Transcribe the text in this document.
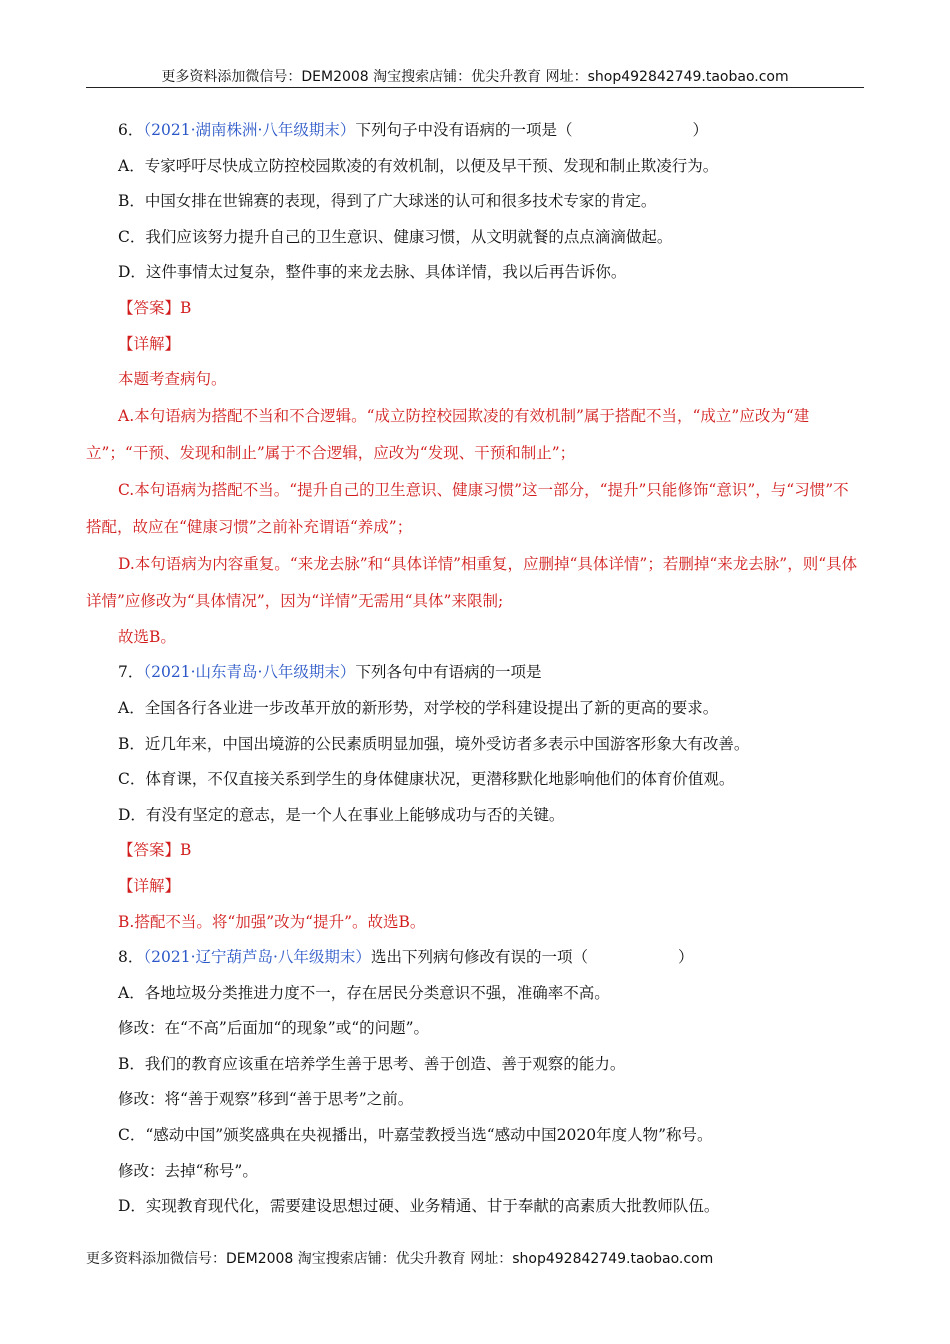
更多资料添加微信号：DEM2008 淘宝搜索店铺：优尖升教育 网址：shop492842749.taobao.com
6．（2021·湖南株洲·八年级期末）下列句子中没有语病的一项是（	）
A．专家呼吁尽快成立防控校园欺凌的有效机制，以便及早干预、发现和制止欺凌行为。
B．中国女排在世锦赛的表现，得到了广大球迷的认可和很多技术专家的肯定。
C．我们应该努力提升自己的卫生意识、健康习惯，从文明就餐的点点滴滴做起。
D．这件事情太过复杂，整件事的来龙去脉、具体详情，我以后再告诉你。
【答案】B
【详解】
本题考查病句。
A.本句语病为搭配不当和不合逻辑。“成立防控校园欺凌的有效机制”属于搭配不当，“成立”应改为“建立”；“干预、发现和制止”属于不合逻辑，应改为“发现、干预和制止”；
C.本句语病为搭配不当。“提升自己的卫生意识、健康习惯”这一部分，“提升”只能修饰“意识”，与“习惯”不搭配，故应在“健康习惯”之前补充谓语“养成”；
D.本句语病为内容重复。“来龙去脉”和“具体详情”相重复，应删掉“具体详情”；若删掉“来龙去脉”，则“具体详情”应修改为“具体情况”，因为“详情”无需用“具体”来限制;
故选B。
7．（2021·山东青岛·八年级期末）下列各句中有语病的一项是
A．全国各行各业进一步改革开放的新形势，对学校的学科建设提出了新的更高的要求。
B．近几年来，中国出境游的公民素质明显加强，境外受访者多表示中国游客形象大有改善。
C．体育课，不仅直接关系到学生的身体健康状况，更潜移默化地影响他们的体育价值观。
D．有没有坚定的意志，是一个人在事业上能够成功与否的关键。
【答案】B
【详解】
B.搭配不当。将“加强”改为“提升”。故选B。
8．（2021·辽宁葫芦岛·八年级期末）选出下列病句修改有误的一项（	）
A．各地垃圾分类推进力度不一，存在居民分类意识不强，准确率不高。
修改：在“不高”后面加“的现象”或“的问题”。
B．我们的教育应该重在培养学生善于思考、善于创造、善于观察的能力。
修改：将“善于观察”移到“善于思考”之前。
C．“感动中国”颁奖盛典在央视播出，叶嘉莹教授当选“感动中国2020年度人物”称号。
修改：去掉“称号”。
D．实现教育现代化，需要建设思想过硬、业务精通、甘于奉献的高素质大批教师队伍。
更多资料添加微信号：DEM2008 淘宝搜索店铺：优尖升教育 网址：shop492842749.taobao.com
